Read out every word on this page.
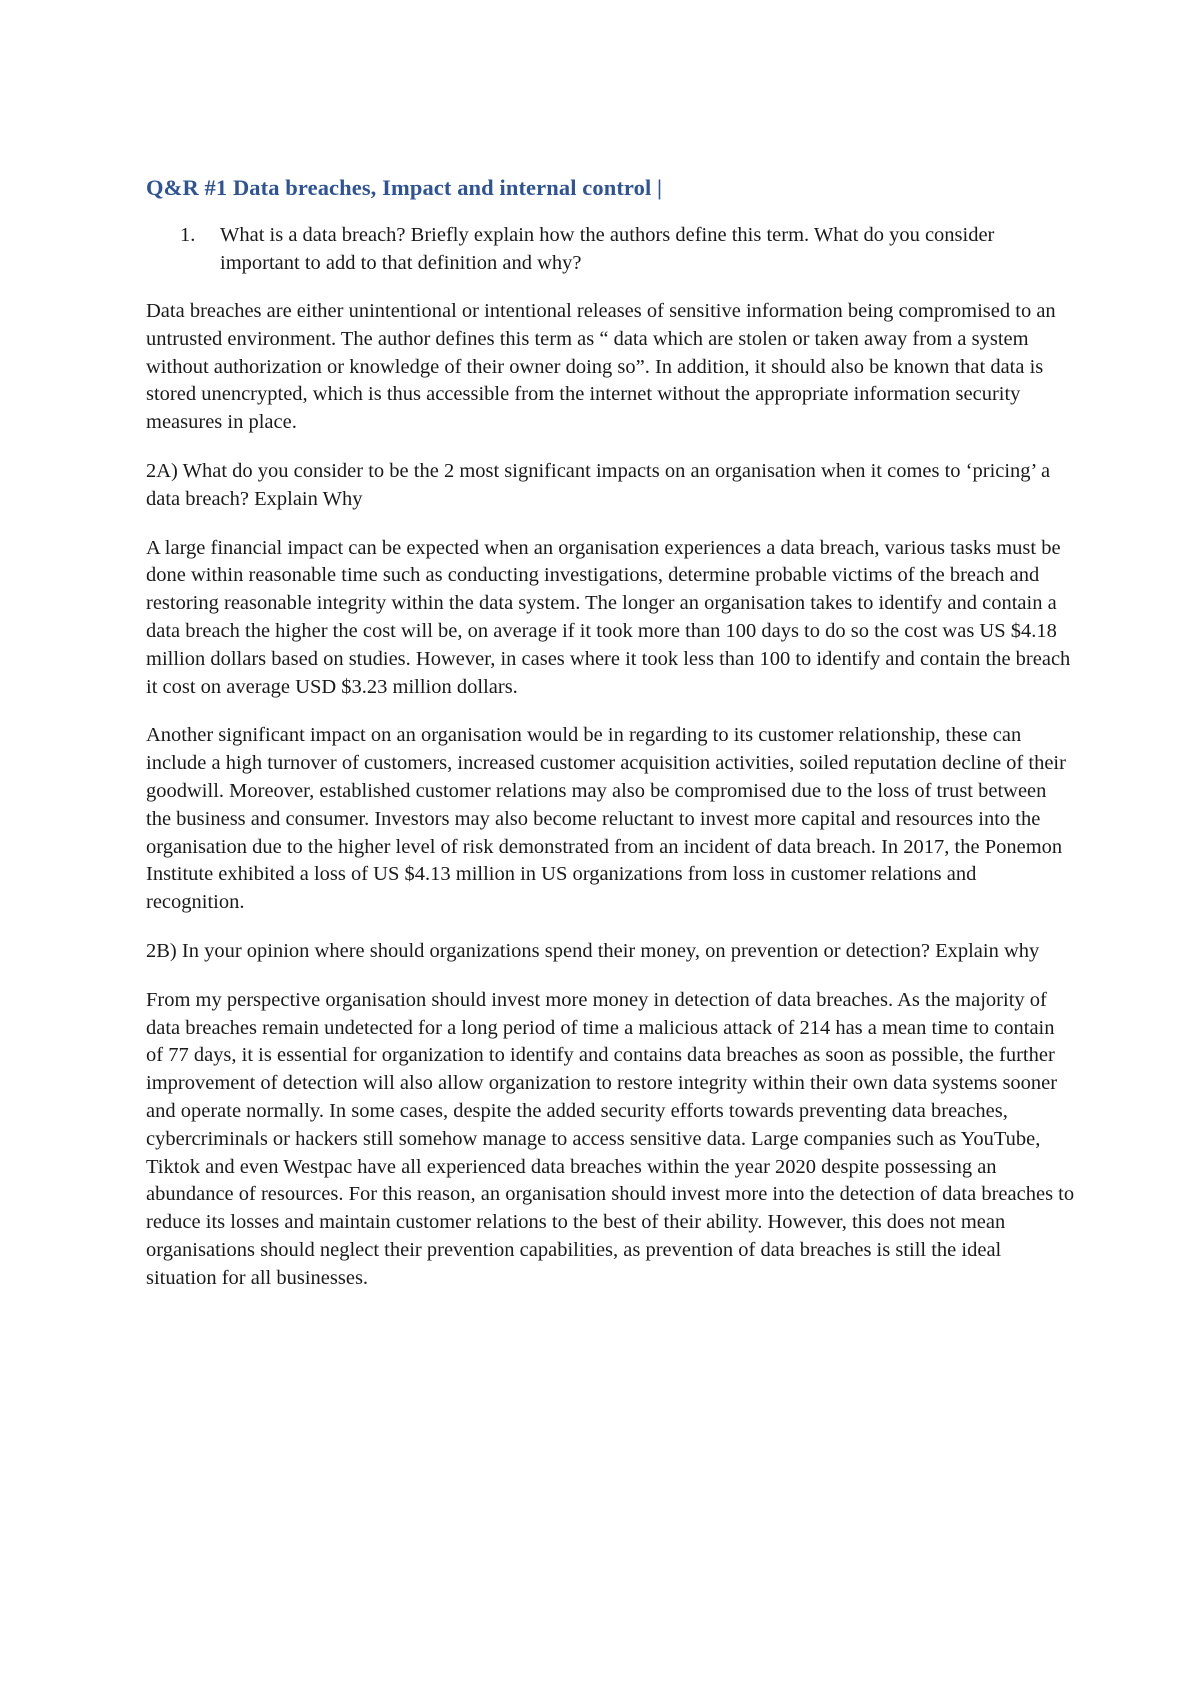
Q&R #1 Data breaches, Impact and internal control |
1. What is a data breach? Briefly explain how the authors define this term. What do you consider important to add to that definition and why?

Data breaches are either unintentional or intentional releases of sensitive information being compromised to an untrusted environment. The author defines this term as “ data which are stolen or taken away from a system without authorization or knowledge of their owner doing so”. In addition, it should also be known that data is stored unencrypted, which is thus accessible from the internet without the appropriate information security measures in place.

2A) What do you consider to be the 2 most significant impacts on an organisation when it comes to ‘pricing’ a data breach? Explain Why

A large financial impact can be expected when an organisation experiences a data breach, various tasks must be done within reasonable time such as conducting investigations, determine probable victims of the breach and restoring reasonable integrity within the data system. The longer an organisation takes to identify and contain a data breach the higher the cost will be, on average if it took more than 100 days to do so the cost was US $4.18 million dollars based on studies. However, in cases where it took less than 100 to identify and contain the breach it cost on average USD $3.23 million dollars.

Another significant impact on an organisation would be in regarding to its customer relationship, these can include a high turnover of customers, increased customer acquisition activities, soiled reputation decline of their goodwill. Moreover, established customer relations may also be compromised due to the loss of trust between the business and consumer. Investors may also become reluctant to invest more capital and resources into the organisation due to the higher level of risk demonstrated from an incident of data breach. In 2017, the Ponemon Institute exhibited a loss of US $4.13 million in US organizations from loss in customer relations and recognition.

2B) In your opinion where should organizations spend their money, on prevention or detection? Explain why

From my perspective organisation should invest more money in detection of data breaches. As the majority of data breaches remain undetected for a long period of time a malicious attack of 214 has a mean time to contain of 77 days, it is essential for organization to identify and contains data breaches as soon as possible, the further improvement of detection will also allow organization to restore integrity within their own data systems sooner and operate normally. In some cases, despite the added security efforts towards preventing data breaches, cybercriminals or hackers still somehow manage to access sensitive data. Large companies such as YouTube, Tiktok and even Westpac have all experienced data breaches within the year 2020 despite possessing an abundance of resources. For this reason, an organisation should invest more into the detection of data breaches to reduce its losses and maintain customer relations to the best of their ability. However, this does not mean organisations should neglect their prevention capabilities, as prevention of data breaches is still the ideal situation for all businesses.
